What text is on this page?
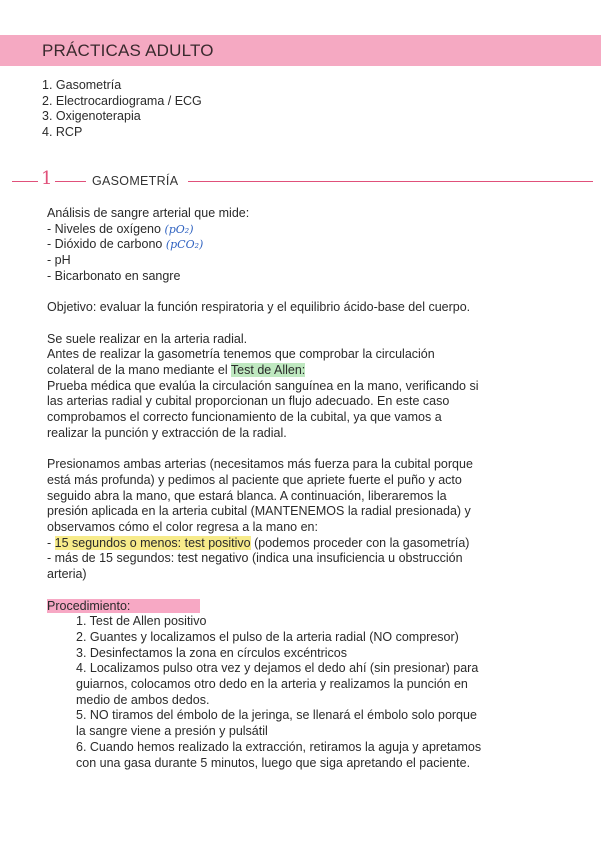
PRÁCTICAS ADULTO
1. Gasometría
2. Electrocardiograma / ECG
3. Oxigenoterapia
4. RCP
1	GASOMETRÍA

Análisis de sangre arterial que mide:

- Niveles de oxígeno (pO₂)

- Dióxido de carbono (pCO₂)

- pH

- Bicarbonato en sangre

Objetivo: evaluar la función respiratoria y el equilibrio ácido-base del cuerpo.

Se suele realizar en la arteria radial.

Antes de realizar la gasometría tenemos que comprobar la circulación

colateral de la mano mediante el Test de Allen:

Prueba médica que evalúa la circulación sanguínea en la mano, verificando si

las arterias radial y cubital proporcionan un flujo adecuado. En este caso

comprobamos el correcto funcionamiento de la cubital, ya que vamos a

realizar la punción y extracción de la radial.

Presionamos ambas arterias (necesitamos más fuerza para la cubital porque

está más profunda) y pedimos al paciente que apriete fuerte el puño y acto

seguido abra la mano, que estará blanca. A continuación, liberaremos la

presión aplicada en la arteria cubital (MANTENEMOS la radial presionada) y

observamos cómo el color regresa a la mano en:

- 15 segundos o menos: test positivo (podemos proceder con la gasometría)

- más de 15 segundos: test negativo (indica una insuficiencia u obstrucción

arteria)

Procedimiento:

1. Test de Allen positivo

2. Guantes y localizamos el pulso de la arteria radial (NO compresor)

3. Desinfectamos la zona en círculos excéntricos

4. Localizamos pulso otra vez y dejamos el dedo ahí (sin presionar) para

guiarnos, colocamos otro dedo en la arteria y realizamos la punción en

medio de ambos dedos.

5. NO tiramos del émbolo de la jeringa, se llenará el émbolo solo porque

la sangre viene a presión y pulsátil

6. Cuando hemos realizado la extracción, retiramos la aguja y apretamos

con una gasa durante 5 minutos, luego que siga apretando el paciente.
